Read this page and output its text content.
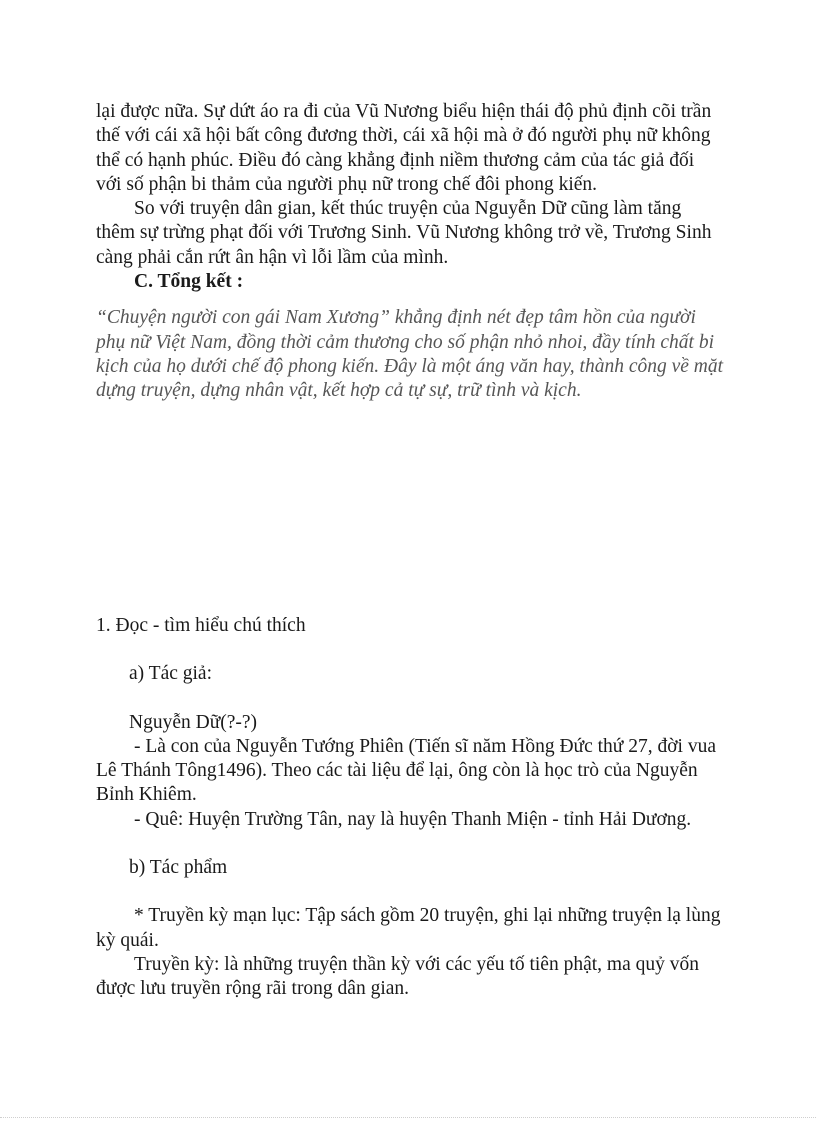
lại được nữa. Sự dứt áo ra đi của Vũ Nương biểu hiện thái độ phủ định cõi trần thế với cái xã hội bất công đương thời, cái xã hội mà ở đó người phụ nữ không thể có hạnh phúc. Điều đó càng khẳng định niềm thương cảm của tác giả đối với số phận bi thảm của người phụ nữ trong chế đôi phong kiến.

So với truyện dân gian, kết thúc truyện của Nguyễn Dữ cũng làm tăng thêm sự trừng phạt đối với Trương Sinh. Vũ Nương không trở về, Trương Sinh càng phải cắn rứt ân hận vì lỗi lầm của mình.

C. Tổng kết :

“Chuyện người con gái Nam Xương” khẳng định nét đẹp tâm hồn của người phụ nữ Việt Nam, đồng thời cảm thương cho số phận nhỏ nhoi, đầy tính chất bi kịch của họ dưới chế độ phong kiến. Đây là một áng văn hay, thành công về mặt dựng truyện, dựng nhân vật, kết hợp cả tự sự, trữ tình và kịch.

1. Đọc - tìm hiểu chú thích

a) Tác giả:

Nguyễn Dữ(?-?)

- Là con của Nguyễn Tướng Phiên (Tiến sĩ năm Hồng Đức thứ 27, đời vua Lê Thánh Tông1496). Theo các tài liệu để lại, ông còn là học trò của Nguyễn Bỉnh Khiêm.

- Quê: Huyện Trường Tân, nay là huyện Thanh Miện - tỉnh Hải Dương.

b) Tác phẩm

* Truyền kỳ mạn lục: Tập sách gồm 20 truyện, ghi lại những truyện lạ lùng kỳ quái.

Truyền kỳ: là những truyện thần kỳ với các yếu tố tiên phật, ma quỷ vốn được lưu truyền rộng rãi trong dân gian.
